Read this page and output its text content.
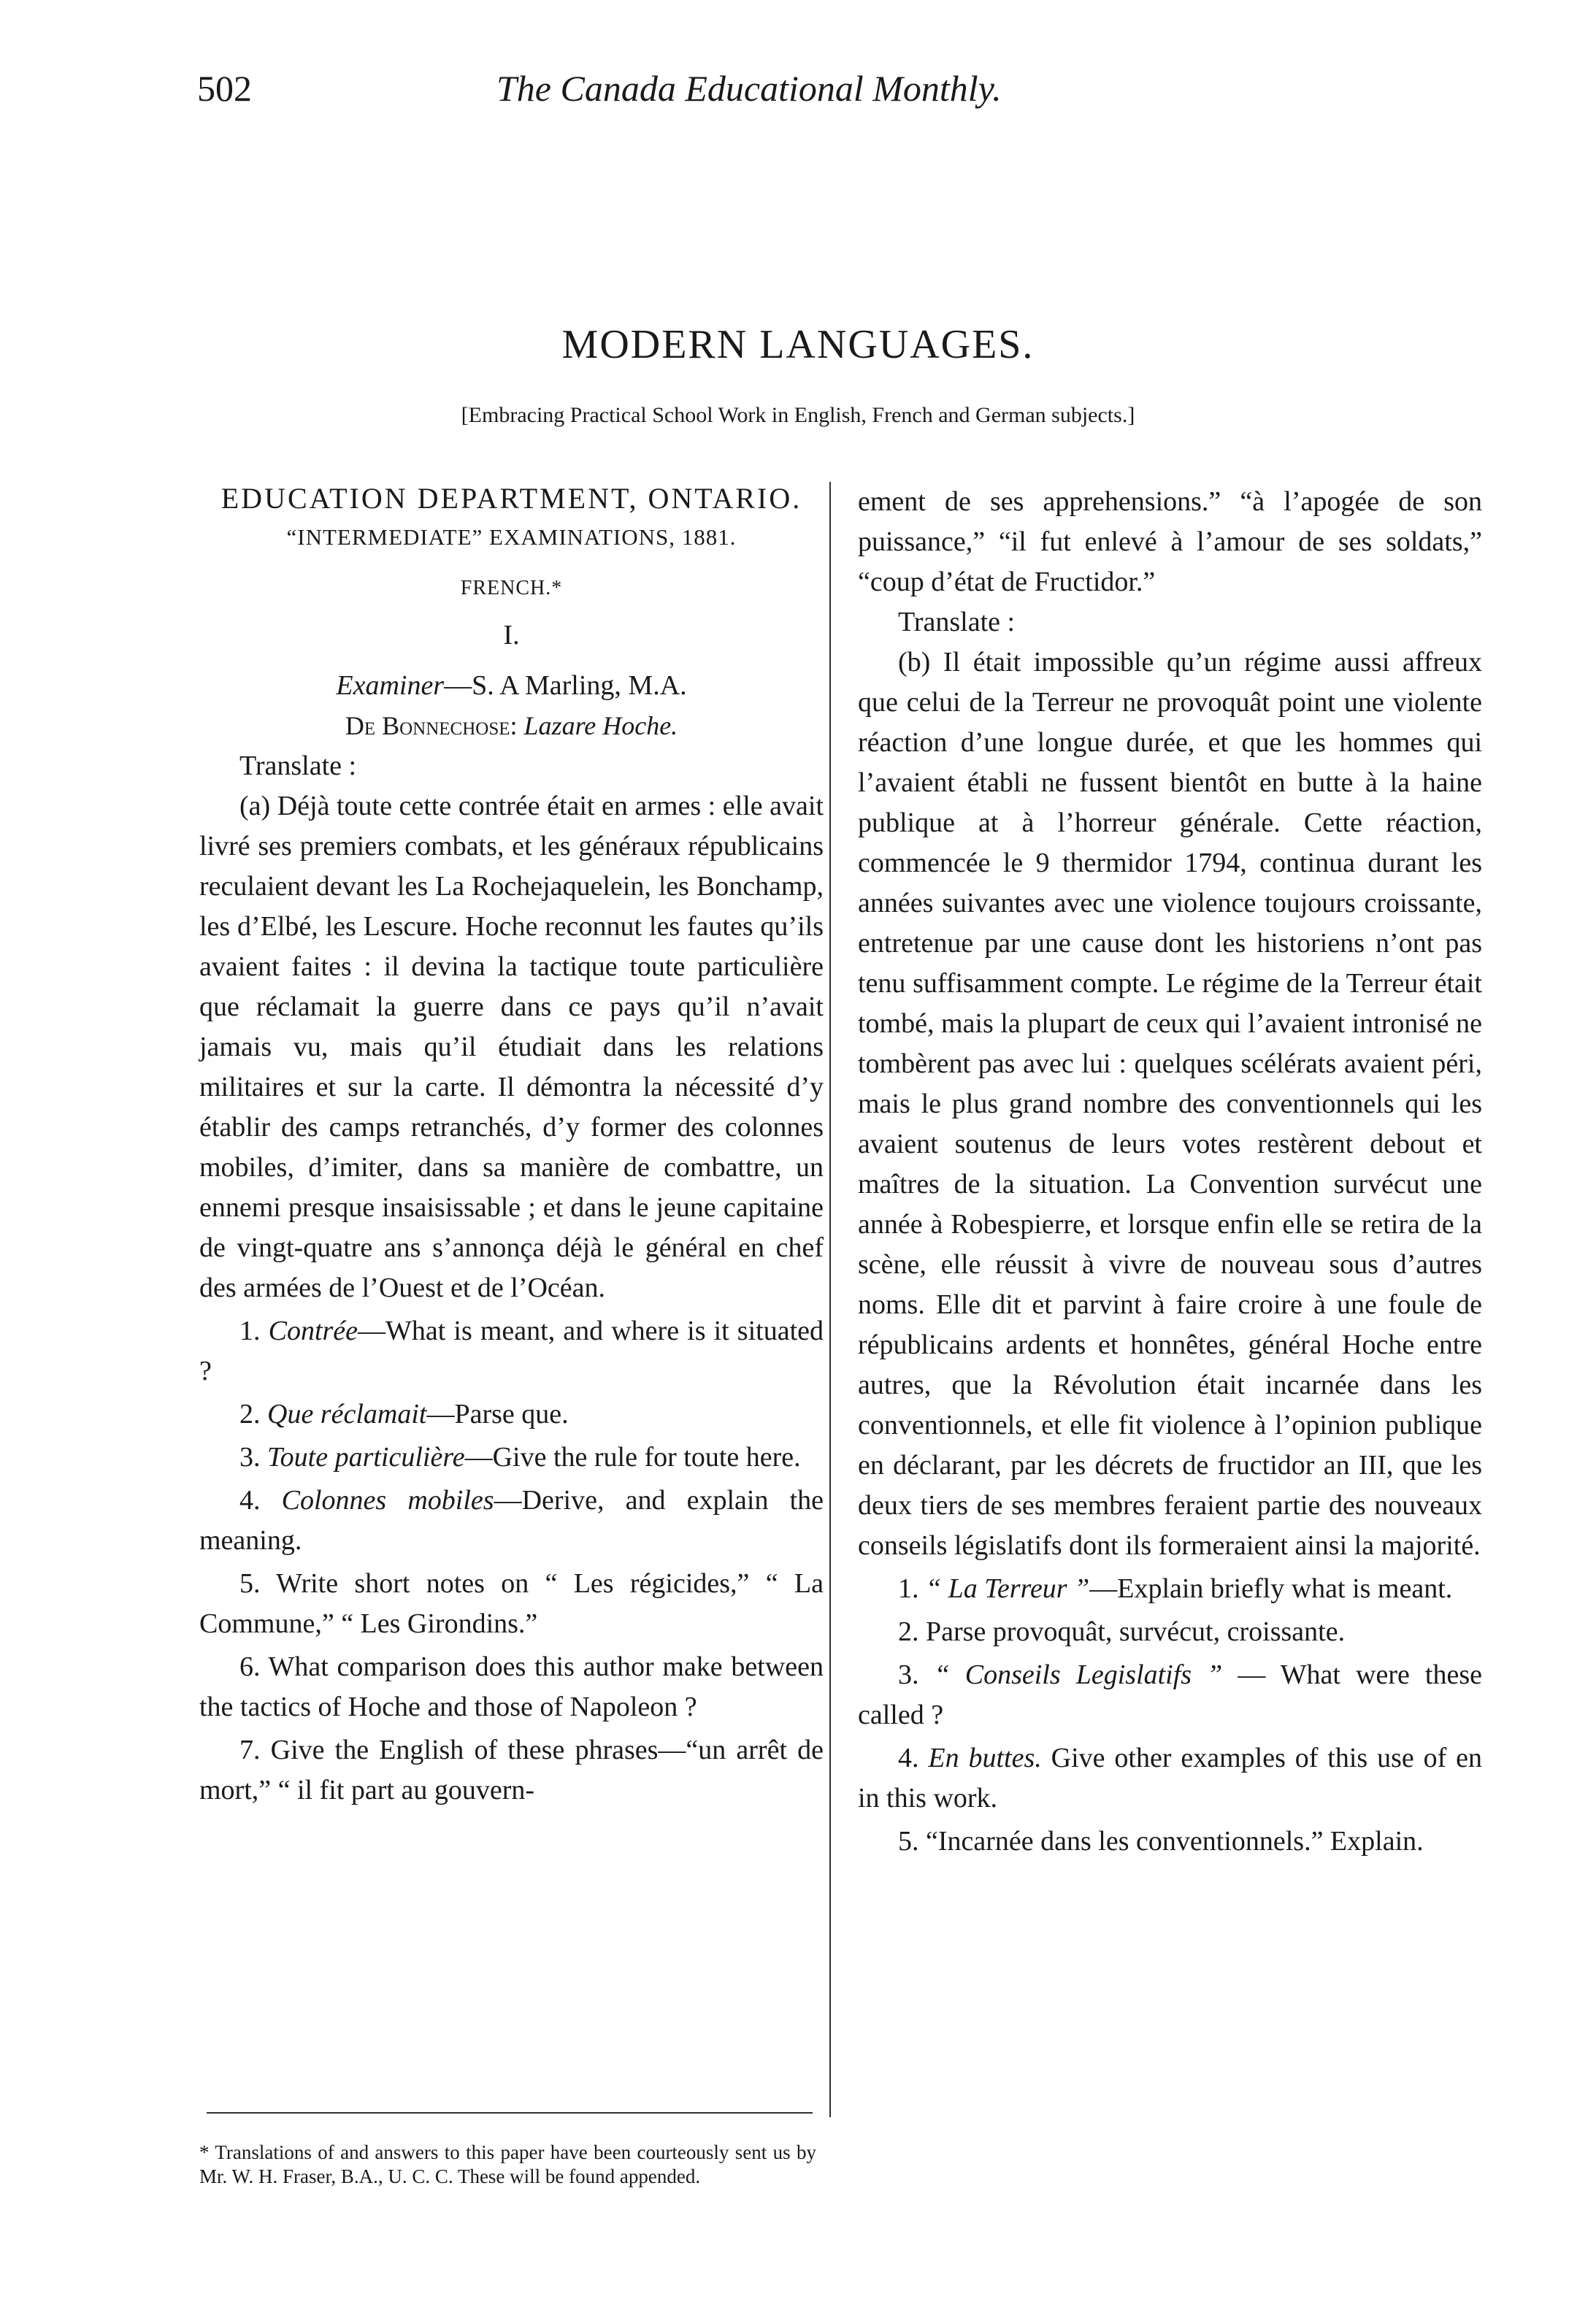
502	The Canada Educational Monthly.
MODERN LANGUAGES.
[Embracing Practical School Work in English, French and German subjects.]

EDUCATION DEPARTMENT, ONTARIO.

“INTERMEDIATE” EXAMINATIONS, 1881.

FRENCH.*

I.

Examiner—S. A Marling, M.A.

De Bonnechose: Lazare Hoche.

Translate :

(a) Déjà toute cette contrée était en armes : elle avait livré ses premiers combats, et les généraux républicains reculaient devant les La Rochejaquelein, les Bonchamp, les d’Elbé, les Lescure. Hoche reconnut les fautes qu’ils avaient faites : il devina la tactique toute particulière que réclamait la guerre dans ce pays qu’il n’avait jamais vu, mais qu’il étudiait dans les relations militaires et sur la carte. Il démontra la nécessité d’y établir des camps retranchés, d’y former des colonnes mobiles, d’imiter, dans sa manière de combattre, un ennemi presque insaisissable ; et dans le jeune capitaine de vingt-quatre ans s’annonça déjà le général en chef des armées de l’Ouest et de l’Océan.

1. Contrée—What is meant, and where is it situated ?

2. Que réclamait—Parse que.

3. Toute particulière—Give the rule for toute here.

4. Colonnes mobiles—Derive, and explain the meaning.

5. Write short notes on “ Les régicides,” “ La Commune,” “ Les Girondins.”

6. What comparison does this author make between the tactics of Hoche and those of Napoleon ?

7. Give the English of these phrases—“un arrêt de mort,” “ il fit part au gouvern-

ement de ses apprehensions.” “à l’apogée de son puissance,” “il fut enlevé à l’amour de ses soldats,” “coup d’état de Fructidor.”

Translate :

(b) Il était impossible qu’un régime aussi affreux que celui de la Terreur ne provoquât point une violente réaction d’une longue durée, et que les hommes qui l’avaient établi ne fussent bientôt en butte à la haine publique at à l’horreur générale. Cette réaction, commencée le 9 thermidor 1794, continua durant les années suivantes avec une violence toujours croissante, entretenue par une cause dont les historiens n’ont pas tenu suffisamment compte. Le régime de la Terreur était tombé, mais la plupart de ceux qui l’avaient intronisé ne tombèrent pas avec lui : quelques scélérats avaient péri, mais le plus grand nombre des conventionnels qui les avaient soutenus de leurs votes restèrent debout et maîtres de la situation. La Convention survécut une année à Robespierre, et lorsque enfin elle se retira de la scène, elle réussit à vivre de nouveau sous d’autres noms. Elle dit et parvint à faire croire à une foule de républicains ardents et honnêtes, général Hoche entre autres, que la Révolution était incarnée dans les conventionnels, et elle fit violence à l’opinion publique en déclarant, par les décrets de fructidor an III, que les deux tiers de ses membres feraient partie des nouveaux conseils législatifs dont ils formeraient ainsi la majorité.

1. “ La Terreur ”—Explain briefly what is meant.

2. Parse provoquât, survécut, croissante.

3. “ Conseils Legislatifs ” — What were these called ?

4. En buttes. Give other examples of this use of en in this work.

5. “Incarnée dans les conventionnels.” Explain.

* Translations of and answers to this paper have been courteously sent us by Mr. W. H. Fraser, B.A., U. C. C. These will be found appended.
